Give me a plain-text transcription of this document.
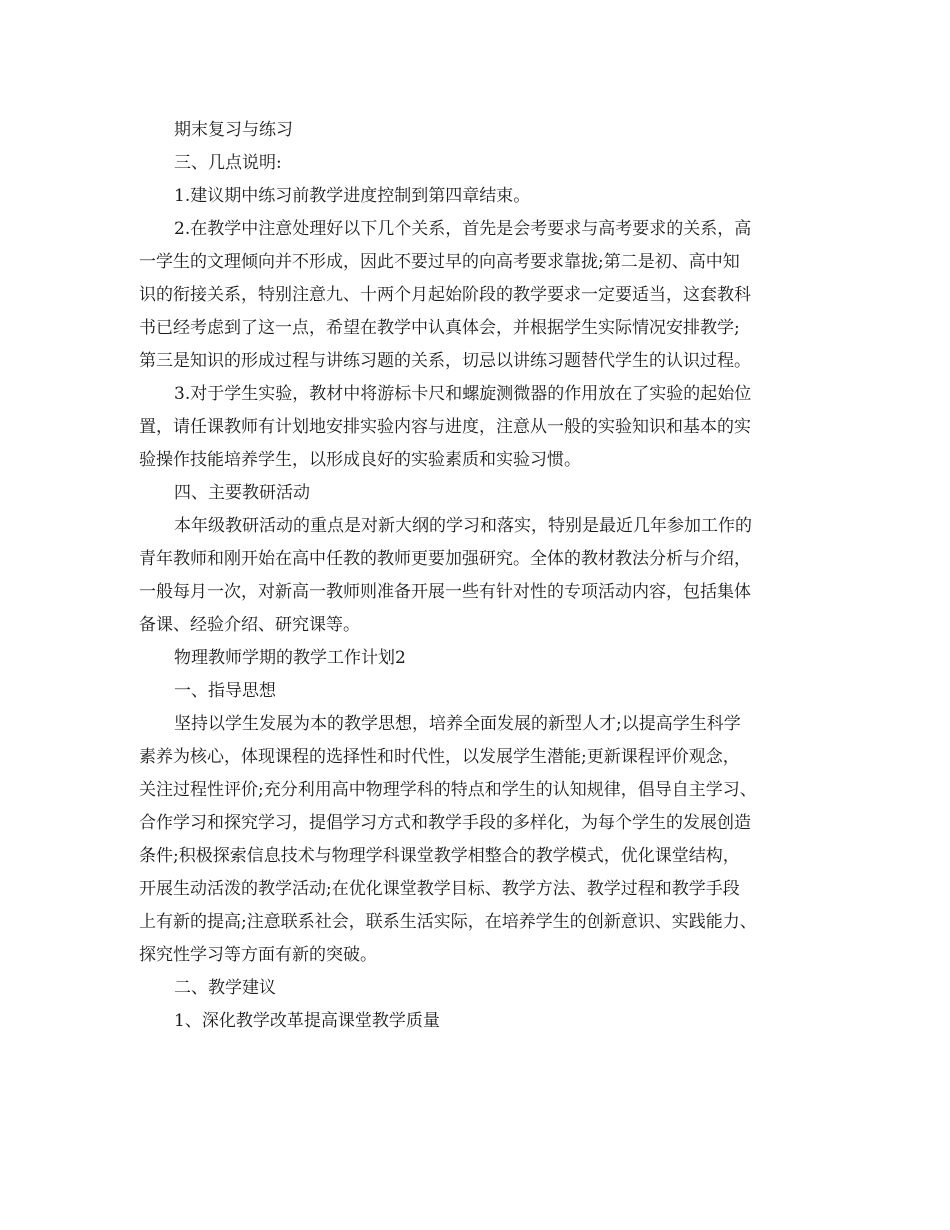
期末复习与练习
三、几点说明:
1.建议期中练习前教学进度控制到第四章结束。
2.在教学中注意处理好以下几个关系，首先是会考要求与高考要求的关系，高
一学生的文理倾向并不形成，因此不要过早的向高考要求靠拢;第二是初、高中知
识的衔接关系，特别注意九、十两个月起始阶段的教学要求一定要适当，这套教科
书已经考虑到了这一点，希望在教学中认真体会，并根据学生实际情况安排教学;
第三是知识的形成过程与讲练习题的关系，切忌以讲练习题替代学生的认识过程。
3.对于学生实验，教材中将游标卡尺和螺旋测微器的作用放在了实验的起始位
置，请任课教师有计划地安排实验内容与进度，注意从一般的实验知识和基本的实
验操作技能培养学生，以形成良好的实验素质和实验习惯。
四、主要教研活动
本年级教研活动的重点是对新大纲的学习和落实，特别是最近几年参加工作的
青年教师和刚开始在高中任教的教师更要加强研究。全体的教材教法分析与介绍，
一般每月一次，对新高一教师则准备开展一些有针对性的专项活动内容，包括集体
备课、经验介绍、研究课等。
物理教师学期的教学工作计划2
一、指导思想
坚持以学生发展为本的教学思想，培养全面发展的新型人才;以提高学生科学
素养为核心，体现课程的选择性和时代性，以发展学生潜能;更新课程评价观念，
关注过程性评价;充分利用高中物理学科的特点和学生的认知规律，倡导自主学习、
合作学习和探究学习，提倡学习方式和教学手段的多样化，为每个学生的发展创造
条件;积极探索信息技术与物理学科课堂教学相整合的教学模式，优化课堂结构，
开展生动活泼的教学活动;在优化课堂教学目标、教学方法、教学过程和教学手段
上有新的提高;注意联系社会，联系生活实际，在培养学生的创新意识、实践能力、
探究性学习等方面有新的突破。
二、教学建议
1、深化教学改革提高课堂教学质量
